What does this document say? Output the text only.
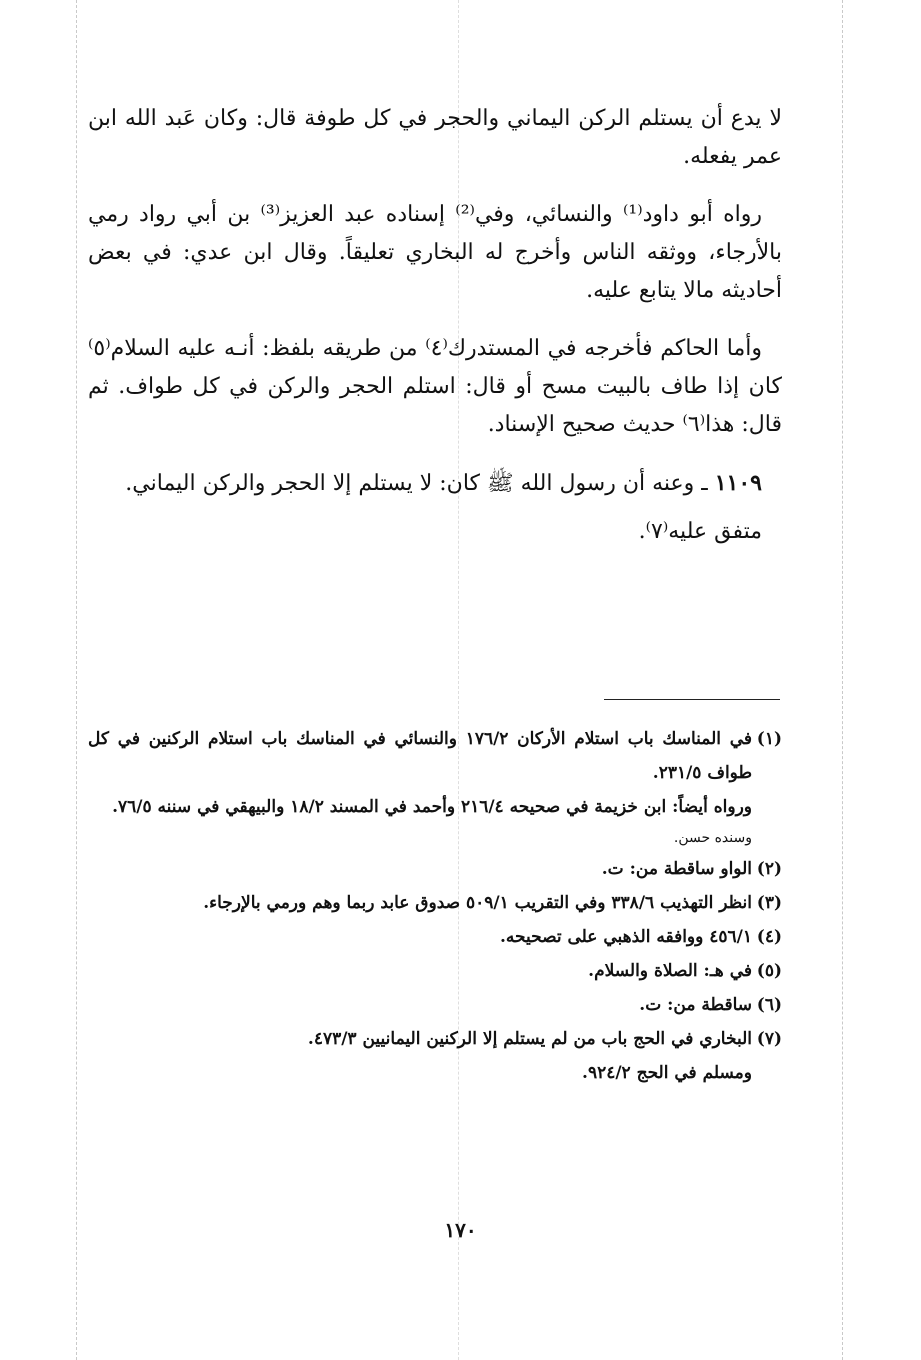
لا يدع أن يستلم الركن اليماني والحجر في كل طوفة قال: وكان عَبد الله ابن عمر يفعله.

رواه أبو داود⁽¹⁾ والنسائي، وفي⁽²⁾ إسناده عبد العزيز⁽³⁾ بن أبي رواد رمي بالأرجاء، ووثقه الناس وأخرج له البخاري تعليقاً. وقال ابن عدي: في بعض أحاديثه مالا يتابع عليه.

وأما الحاكم فأخرجه في المستدرك⁽٤⁾ من طريقه بلفظ: أنـه عليه السلام⁽٥⁾ كان إذا طاف بالبيت مسح أو قال: استلم الحجر والركن في كل طواف. ثم قال: هذا⁽٦⁾ حديث صحيح الإسناد.

١١٠٩ ـ وعنه أن رسول الله ﷺ كان: لا يستلم إلا الحجر والركن اليماني.

متفق عليه⁽٧⁾.

(١)في المناسك باب استلام الأركان ١٧٦/٢ والنسائي في المناسك باب استلام الركنين في كل طواف ٢٣١/٥.
ورواه أيضاً: ابن خزيمة في صحيحه ٢١٦/٤ وأحمد في المسند ١٨/٢ والبيهقي في سننه ٧٦/٥.
وسنده حسن.
(٢)الواو ساقطة من: ت.
(٣)انظر التهذيب ٣٣٨/٦ وفي التقريب ٥٠٩/١ صدوق عابد ربما وهم ورمي بالإرجاء.
(٤)٤٥٦/١ ووافقه الذهبي على تصحيحه.
(٥)في هـ: الصلاة والسلام.
(٦)ساقطة من: ت.
(٧)البخاري في الحج باب من لم يستلم إلا الركنين اليمانيين ٤٧٣/٣.
ومسلم في الحج ٩٢٤/٢.
١٧٠
